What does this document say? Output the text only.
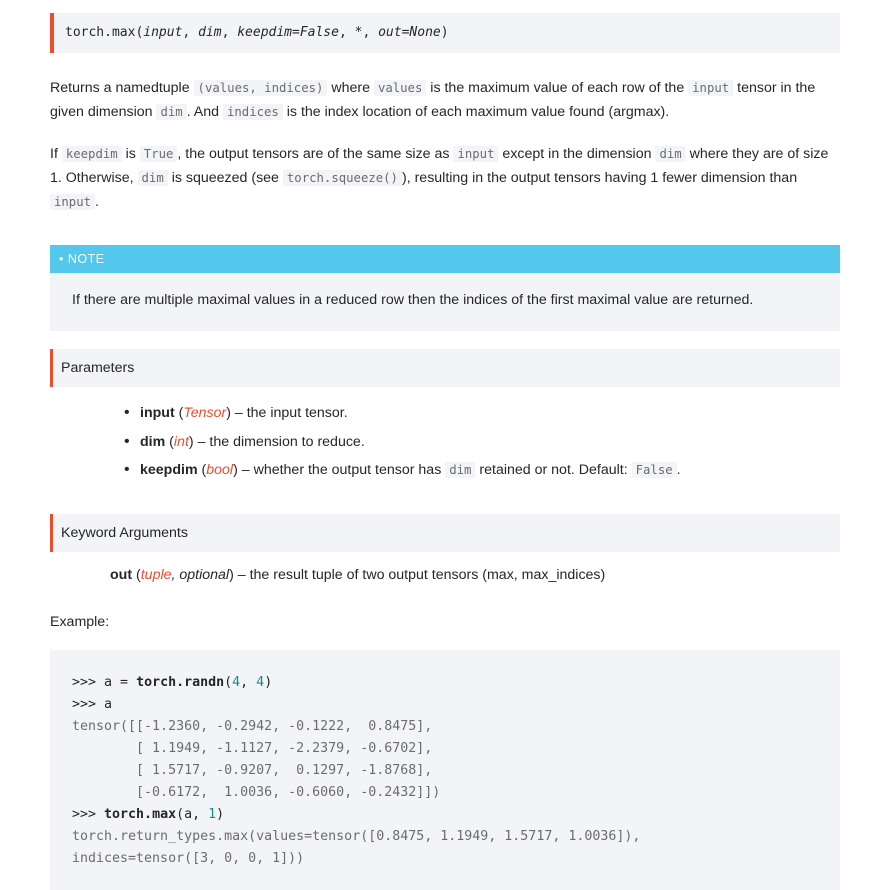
torch.max(input, dim, keepdim=False, *, out=None)

Returns a namedtuple (values, indices) where values is the maximum value of each row of the input tensor in the given dimension dim . And indices is the index location of each maximum value found (argmax).

If keepdim is True , the output tensors are of the same size as input except in the dimension dim where they are of size 1. Otherwise, dim is squeezed (see torch.squeeze() ), resulting in the output tensors having 1 fewer dimension than input .

• NOTE
If there are multiple maximal values in a reduced row then the indices of the first maximal value are returned.
Parameters
• input (Tensor) – the input tensor.
• dim (int) – the dimension to reduce.
• keepdim (bool) – whether the output tensor has dim retained or not. Default: False .
Keyword Arguments
out (tuple, optional) – the result tuple of two output tensors (max, max_indices)
Example:
>>> a = torch.randn(4, 4)
>>> a
tensor([[-1.2360, -0.2942, -0.1222,  0.8475],
[ 1.1949, -1.1127, -2.2379, -0.6702],
[ 1.5717, -0.9207,  0.1297, -1.8768],
[-0.6172,  1.0036, -0.6060, -0.2432]])
>>> torch.max(a, 1)
torch.return_types.max(values=tensor([0.8475, 1.1949, 1.5717, 1.0036]),
indices=tensor([3, 0, 0, 1]))
